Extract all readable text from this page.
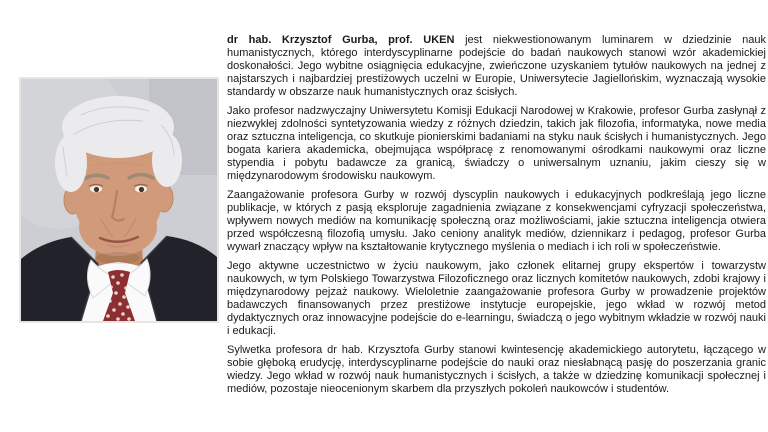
dr hab. Krzysztof Gurba, prof. UKEN jest niekwestionowanym luminarem w dziedzinie nauk humanistycznych, którego interdyscyplinarne podejście do badań naukowych stanowi wzór akademickiej doskonałości. Jego wybitne osiągnięcia edukacyjne, zwieńczone uzyskaniem tytułów naukowych na jednej z najstarszych i najbardziej prestiżowych uczelni w Europie, Uniwersytecie Jagiellońskim, wyznaczają wysokie standardy w obszarze nauk humanistycznych oraz ścisłych.

Jako profesor nadzwyczajny Uniwersytetu Komisji Edukacji Narodowej w Krakowie, profesor Gurba zasłynął z niezwykłej zdolności syntetyzowania wiedzy z różnych dziedzin, takich jak filozofia, informatyka, nowe media oraz sztuczna inteligencja, co skutkuje pionierskimi badaniami na styku nauk ścisłych i humanistycznych. Jego bogata kariera akademicka, obejmująca współpracę z renomowanymi ośrodkami naukowymi oraz liczne stypendia i pobytu badawcze za granicą, świadczy o uniwersalnym uznaniu, jakim cieszy się w międzynarodowym środowisku naukowym.

Zaangażowanie profesora Gurby w rozwój dyscyplin naukowych i edukacyjnych podkreślają jego liczne publikacje, w których z pasją eksploruje zagadnienia związane z konsekwencjami cyfryzacji społeczeństwa, wpływem nowych mediów na komunikację społeczną oraz możliwościami, jakie sztuczna inteligencja otwiera przed współczesną filozofią umysłu. Jako ceniony analityk mediów, dziennikarz i pedagog, profesor Gurba wywarł znaczący wpływ na kształtowanie krytycznego myślenia o mediach i ich roli w społeczeństwie.

Jego aktywne uczestnictwo w życiu naukowym, jako członek elitarnej grupy ekspertów i towarzystw naukowych, w tym Polskiego Towarzystwa Filozoficznego oraz licznych komitetów naukowych, zdobi krajowy i międzynarodowy pejzaż naukowy. Wieloletnie zaangażowanie profesora Gurby w prowadzenie projektów badawczych finansowanych przez prestiżowe instytucje europejskie, jego wkład w rozwój metod dydaktycznych oraz innowacyjne podejście do e-learningu, świadczą o jego wybitnym wkładzie w rozwój nauki i edukacji.

Sylwetka profesora dr hab. Krzysztofa Gurby stanowi kwintesencję akademickiego autorytetu, łączącego w sobie głęboką erudycję, interdyscyplinarne podejście do nauki oraz niesłabnącą pasję do poszerzania granic wiedzy. Jego wkład w rozwój nauk humanistycznych i ścisłych, a także w dziedzinę komunikacji społecznej i mediów, pozostaje nieocenionym skarbem dla przyszłych pokoleń naukowców i studentów.
